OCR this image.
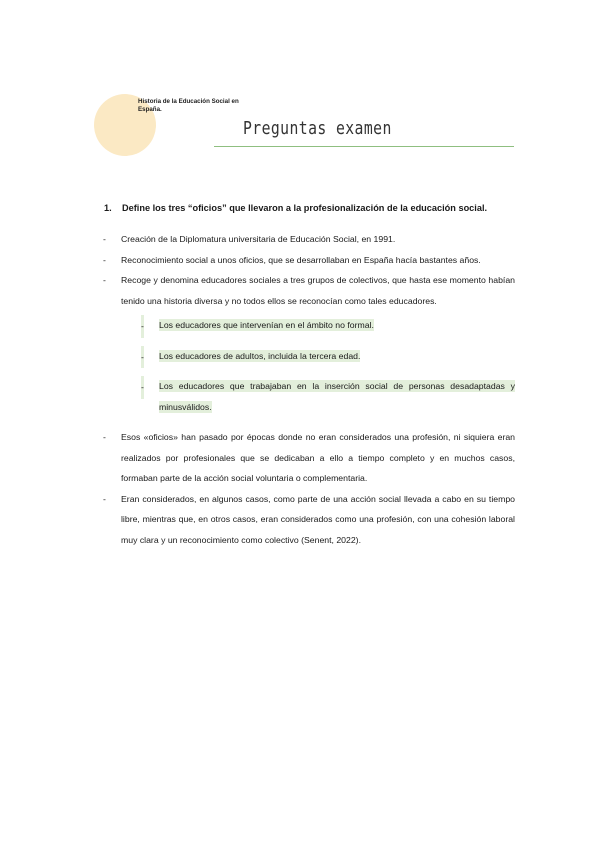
Historia de la Educación Social en España.
Preguntas examen
1. Define los tres “oficios” que llevaron a la profesionalización de la educación social.
- Creación de la Diplomatura universitaria de Educación Social, en 1991.
- Reconocimiento social a unos oficios, que se desarrollaban en España hacía bastantes años.
- Recoge y denomina educadores sociales a tres grupos de colectivos, que hasta ese momento habían tenido una historia diversa y no todos ellos se reconocían como tales educadores.
- Los educadores que intervenían en el ámbito no formal.
- Los educadores de adultos, incluida la tercera edad.
- Los educadores que trabajaban en la inserción social de personas desadaptadas y minusválidos.
- Esos «oficios» han pasado por épocas donde no eran considerados una profesión, ni siquiera eran realizados por profesionales que se dedicaban a ello a tiempo completo y en muchos casos, formaban parte de la acción social voluntaria o complementaria.
- Eran considerados, en algunos casos, como parte de una acción social llevada a cabo en su tiempo libre, mientras que, en otros casos, eran considerados como una profesión, con una cohesión laboral muy clara y un reconocimiento como colectivo (Senent, 2022).
